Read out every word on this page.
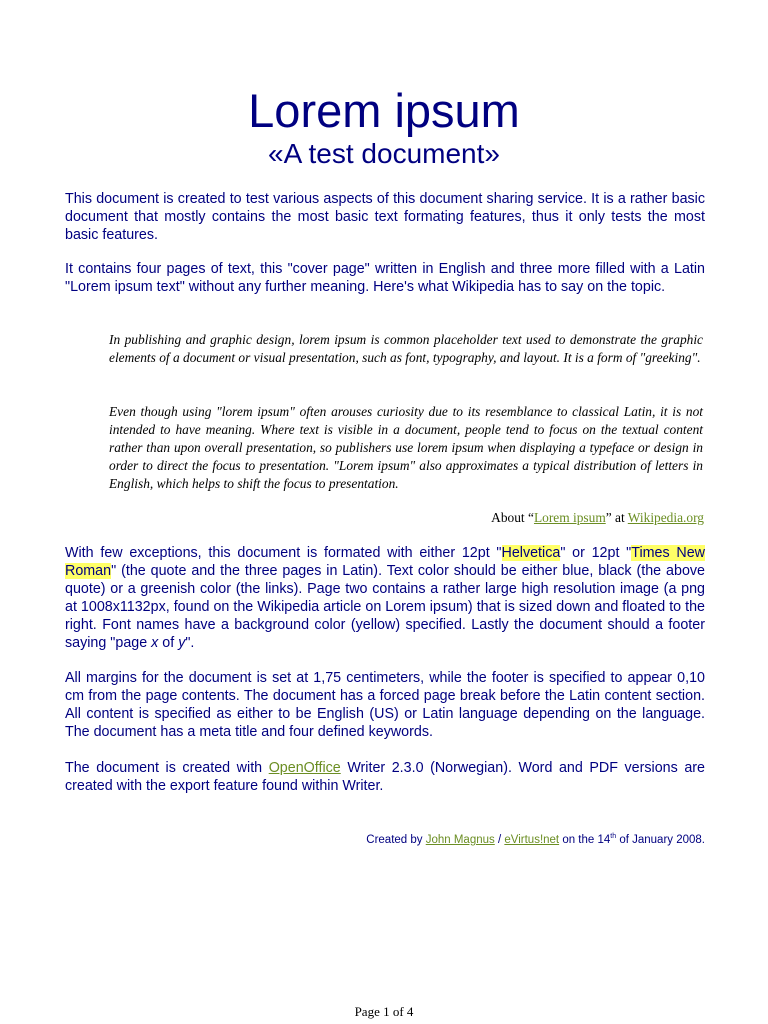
Lorem ipsum
«A test document»

This document is created to test various aspects of this document sharing service. It is a rather basic document that mostly contains the most basic text formating features, thus it only tests the most basic features.

It contains four pages of text, this "cover page" written in English and three more filled with a Latin "Lorem ipsum text" without any further meaning. Here's what Wikipedia has to say on the topic.

In publishing and graphic design, lorem ipsum is common placeholder text used to demonstrate the graphic elements of a document or visual presentation, such as font, typography, and layout. It is a form of "greeking".

Even though using "lorem ipsum" often arouses curiosity due to its resemblance to classical Latin, it is not intended to have meaning. Where text is visible in a document, people tend to focus on the textual content rather than upon overall presentation, so publishers use lorem ipsum when displaying a typeface or design in order to direct the focus to presentation. "Lorem ipsum" also approximates a typical distribution of letters in English, which helps to shift the focus to presentation.

About “Lorem ipsum” at Wikipedia.org

With few exceptions, this document is formated with either 12pt "Helvetica" or 12pt "Times New Roman" (the quote and the three pages in Latin). Text color should be either blue, black (the above quote) or a greenish color (the links). Page two contains a rather large high resolution image (a png at 1008x1132px, found on the Wikipedia article on Lorem ipsum) that is sized down and floated to the right. Font names have a background color (yellow) specified. Lastly the document should a footer saying "page x of y".

All margins for the document is set at 1,75 centimeters, while the footer is specified to appear 0,10 cm from the page contents. The document has a forced page break before the Latin content section. All content is specified as either to be English (US) or Latin language depending on the language. The document has a meta title and four defined keywords.

The document is created with OpenOffice Writer 2.3.0 (Norwegian). Word and PDF versions are created with the export feature found within Writer.

Created by John Magnus / eVirtus!net on the 14th of January 2008.

Page 1 of 4
